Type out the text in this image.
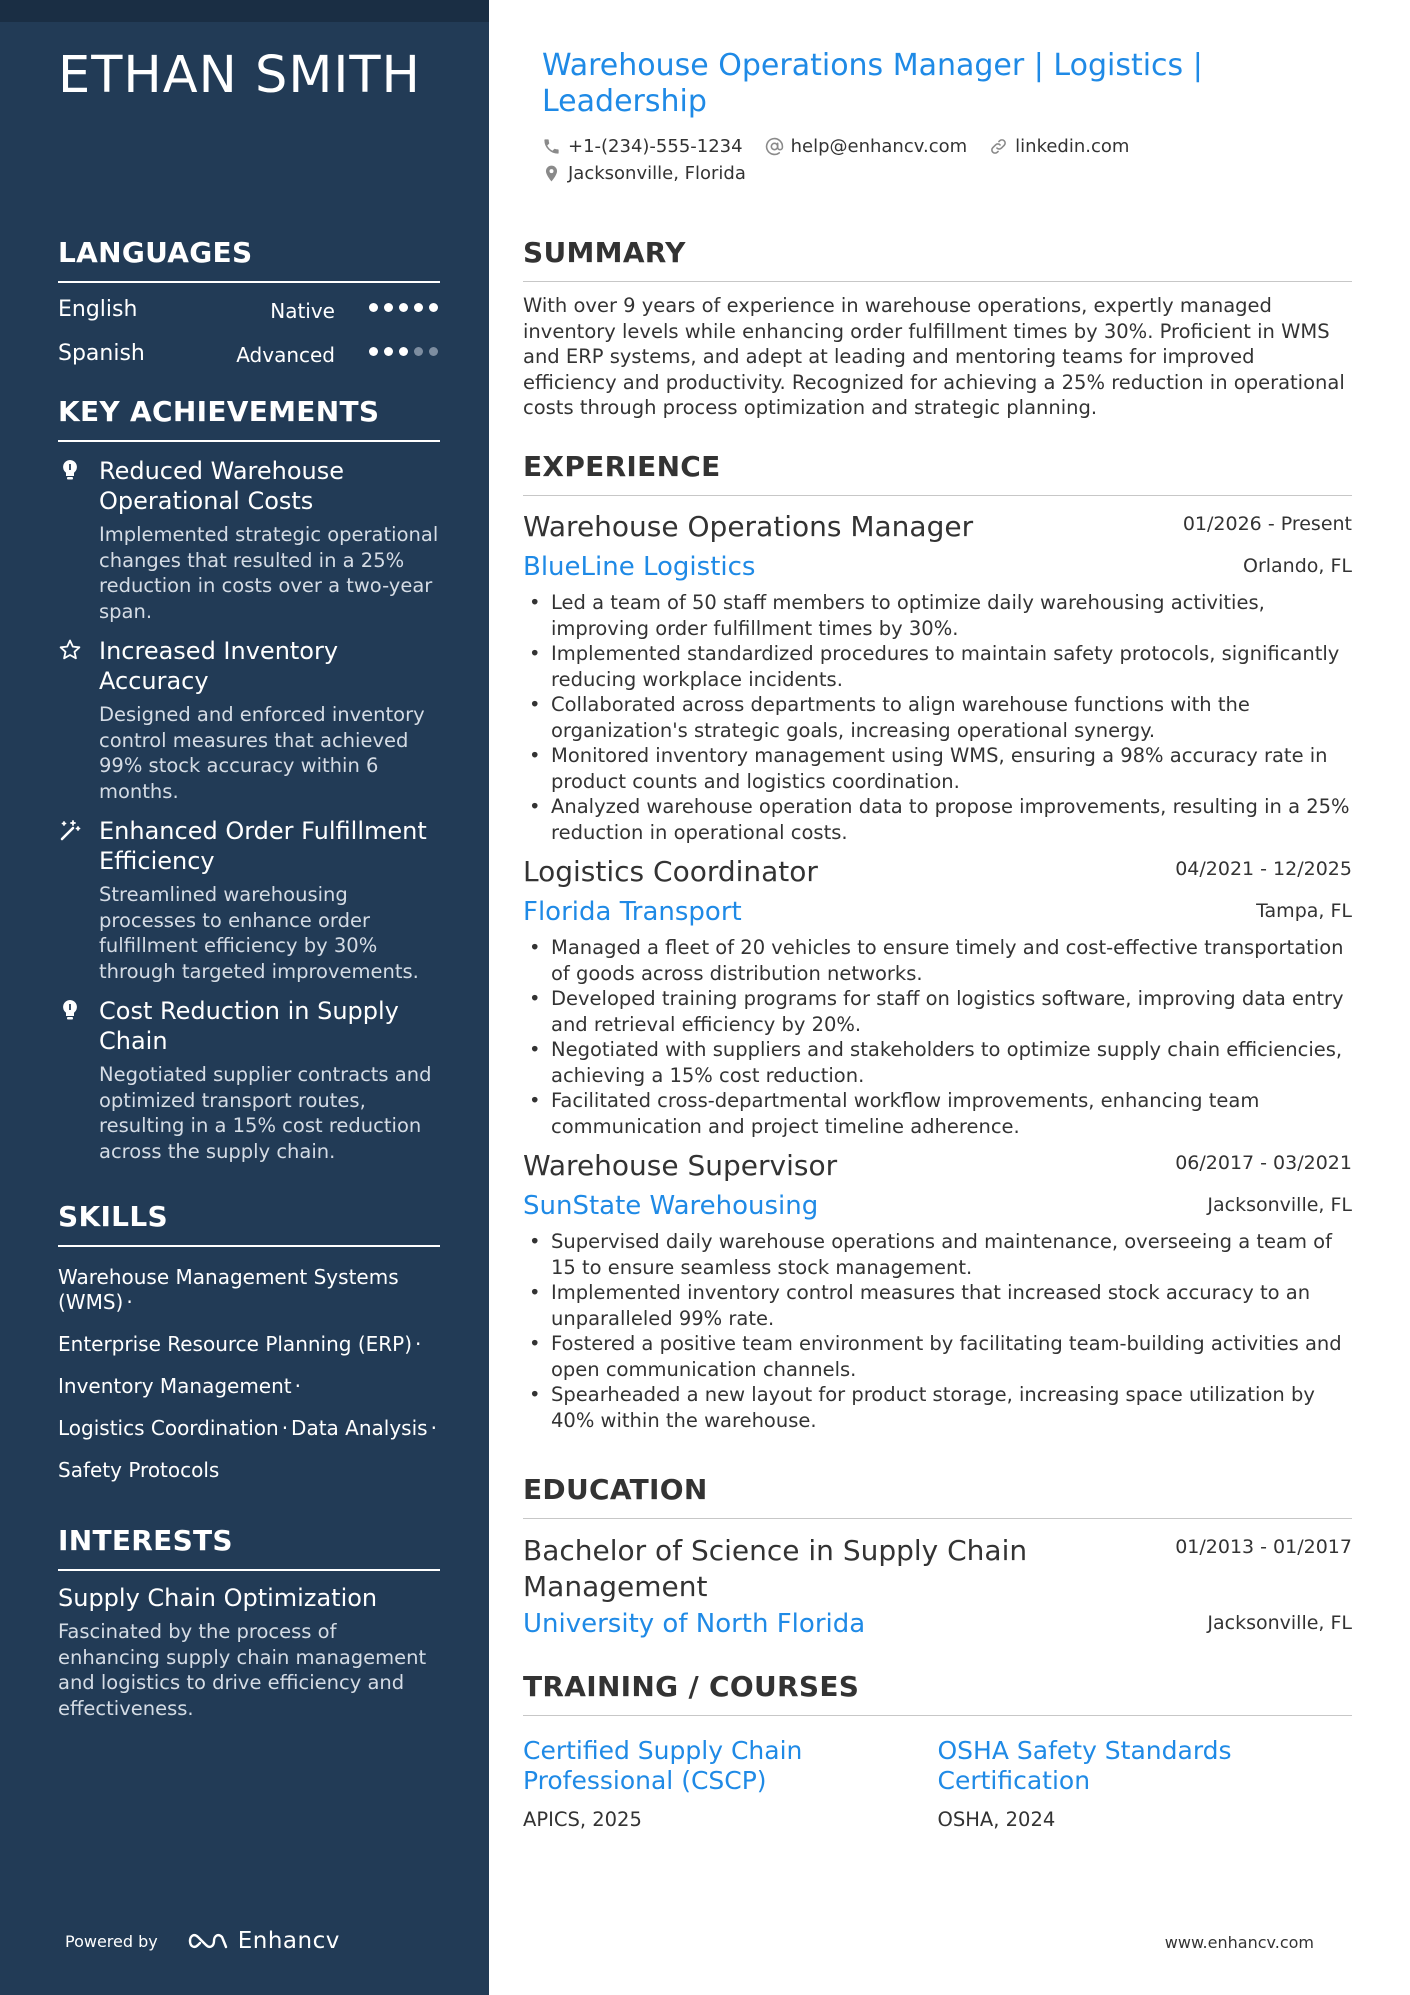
ETHAN SMITH
LANGUAGES
English	Native
Spanish	Advanced
KEY ACHIEVEMENTS
Reduced Warehouse Operational Costs
Implemented strategic operational changes that resulted in a 25% reduction in costs over a two-year span.
Increased Inventory Accuracy
Designed and enforced inventory control measures that achieved 99% stock accuracy within 6 months.
Enhanced Order Fulfillment Efficiency
Streamlined warehousing processes to enhance order fulfillment efficiency by 30% through targeted improvements.
Cost Reduction in Supply Chain
Negotiated supplier contracts and optimized transport routes, resulting in a 15% cost reduction across the supply chain.
SKILLS
Warehouse Management Systems (WMS) ·
Enterprise Resource Planning (ERP) ·
Inventory Management ·
Logistics Coordination · Data Analysis ·
Safety Protocols
INTERESTS
Supply Chain Optimization
Fascinated by the process of enhancing supply chain management and logistics to drive efficiency and effectiveness.
Powered by	Enhancv
Warehouse Operations Manager | Logistics | Leadership
+1-(234)-555-1234	help@enhancv.com	linkedin.com
Jacksonville, Florida
SUMMARY

With over 9 years of experience in warehouse operations, expertly managed inventory levels while enhancing order fulfillment times by 30%. Proficient in WMS and ERP systems, and adept at leading and mentoring teams for improved efficiency and productivity. Recognized for achieving a 25% reduction in operational costs through process optimization and strategic planning.

EXPERIENCE
Warehouse Operations Manager	01/2026 - Present
BlueLine Logistics	Orlando, FL
• Led a team of 50 staff members to optimize daily warehousing activities, improving order fulfillment times by 30%.
• Implemented standardized procedures to maintain safety protocols, significantly reducing workplace incidents.
• Collaborated across departments to align warehouse functions with the organization's strategic goals, increasing operational synergy.
• Monitored inventory management using WMS, ensuring a 98% accuracy rate in product counts and logistics coordination.
• Analyzed warehouse operation data to propose improvements, resulting in a 25% reduction in operational costs.
Logistics Coordinator	04/2021 - 12/2025
Florida Transport	Tampa, FL
• Managed a fleet of 20 vehicles to ensure timely and cost-effective transportation of goods across distribution networks.
• Developed training programs for staff on logistics software, improving data entry and retrieval efficiency by 20%.
• Negotiated with suppliers and stakeholders to optimize supply chain efficiencies, achieving a 15% cost reduction.
• Facilitated cross-departmental workflow improvements, enhancing team communication and project timeline adherence.
Warehouse Supervisor	06/2017 - 03/2021
SunState Warehousing	Jacksonville, FL
• Supervised daily warehouse operations and maintenance, overseeing a team of 15 to ensure seamless stock management.
• Implemented inventory control measures that increased stock accuracy to an unparalleled 99% rate.
• Fostered a positive team environment by facilitating team-building activities and open communication channels.
• Spearheaded a new layout for product storage, increasing space utilization by 40% within the warehouse.
EDUCATION
Bachelor of Science in Supply Chain Management
01/2013 - 01/2017
University of North Florida	Jacksonville, FL
TRAINING / COURSES
Certified Supply Chain Professional (CSCP)
APICS, 2025
OSHA Safety Standards Certification
OSHA, 2024
www.enhancv.com
